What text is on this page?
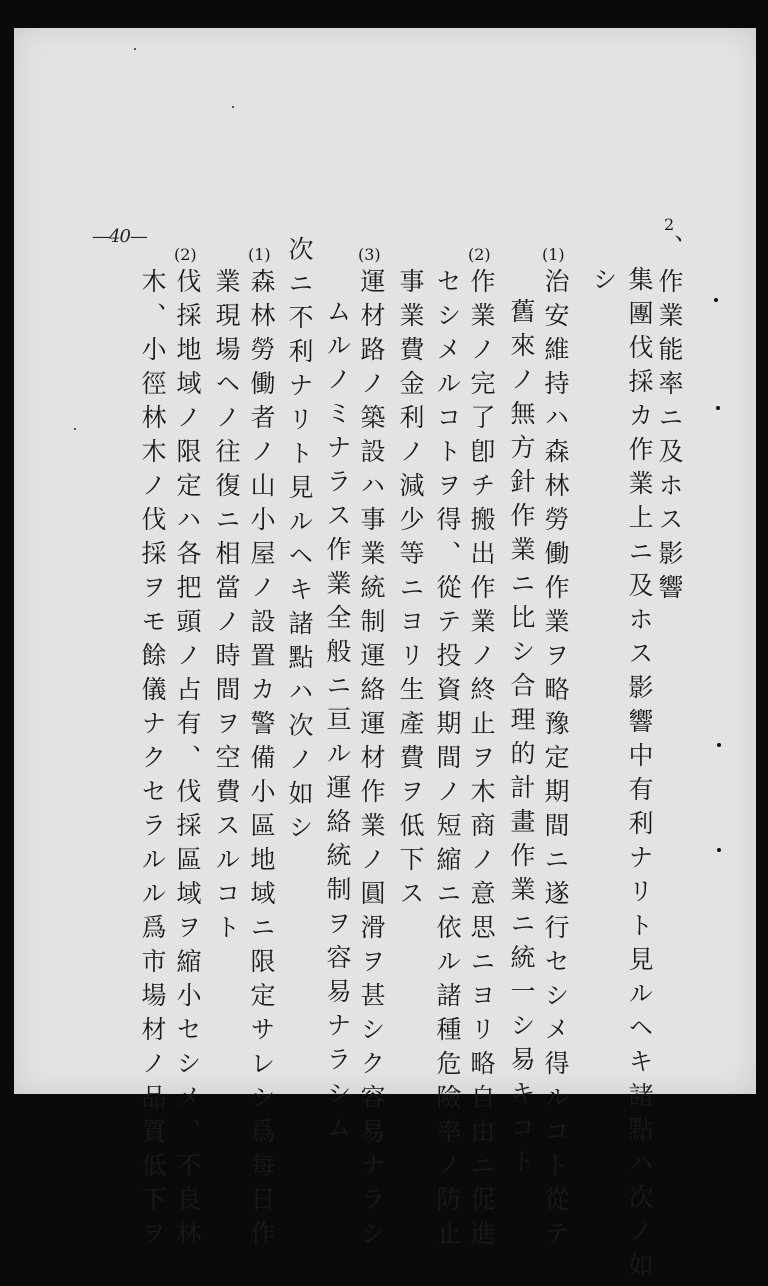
—40—
2
、作業能率ニ及ホス影響
集團伐採カ作業上ニ及ホス影響中有利ナリト見ルヘキ諸點ハ次ノ如
シ
(1)
治安維持ハ森林勞働作業ヲ略豫定期間ニ遂行セシメ得ルコト從テ
舊來ノ無方針作業ニ比シ合理的計畫作業ニ統一シ易キコト
(2)
作業ノ完了卽チ搬出作業ノ終止ヲ木商ノ意思ニヨリ略自由ニ促進
セシメルコトヲ得、從テ投資期間ノ短縮ニ依ル諸種危險率ノ防止
事業費金利ノ減少等ニヨリ生產費ヲ低下ス
(3)
運材路ノ築設ハ事業統制運絡運材作業ノ圓滑ヲ甚シク容易ナラシ
ムルノミナラス作業全般ニ亘ル運絡統制ヲ容易ナラシム
次ニ不利ナリト見ルヘキ諸點ハ次ノ如シ
(1)
森林勞働者ノ山小屋ノ設置カ警備小區地域ニ限定サレシ爲每日作
業現場ヘノ往復ニ相當ノ時間ヲ空費スルコト
(2)
伐採地域ノ限定ハ各把頭ノ占有、伐採區域ヲ縮小セシメ、不良林
木、小徑林木ノ伐採ヲモ餘儀ナクセラルル爲市場材ノ品質低下ヲ
